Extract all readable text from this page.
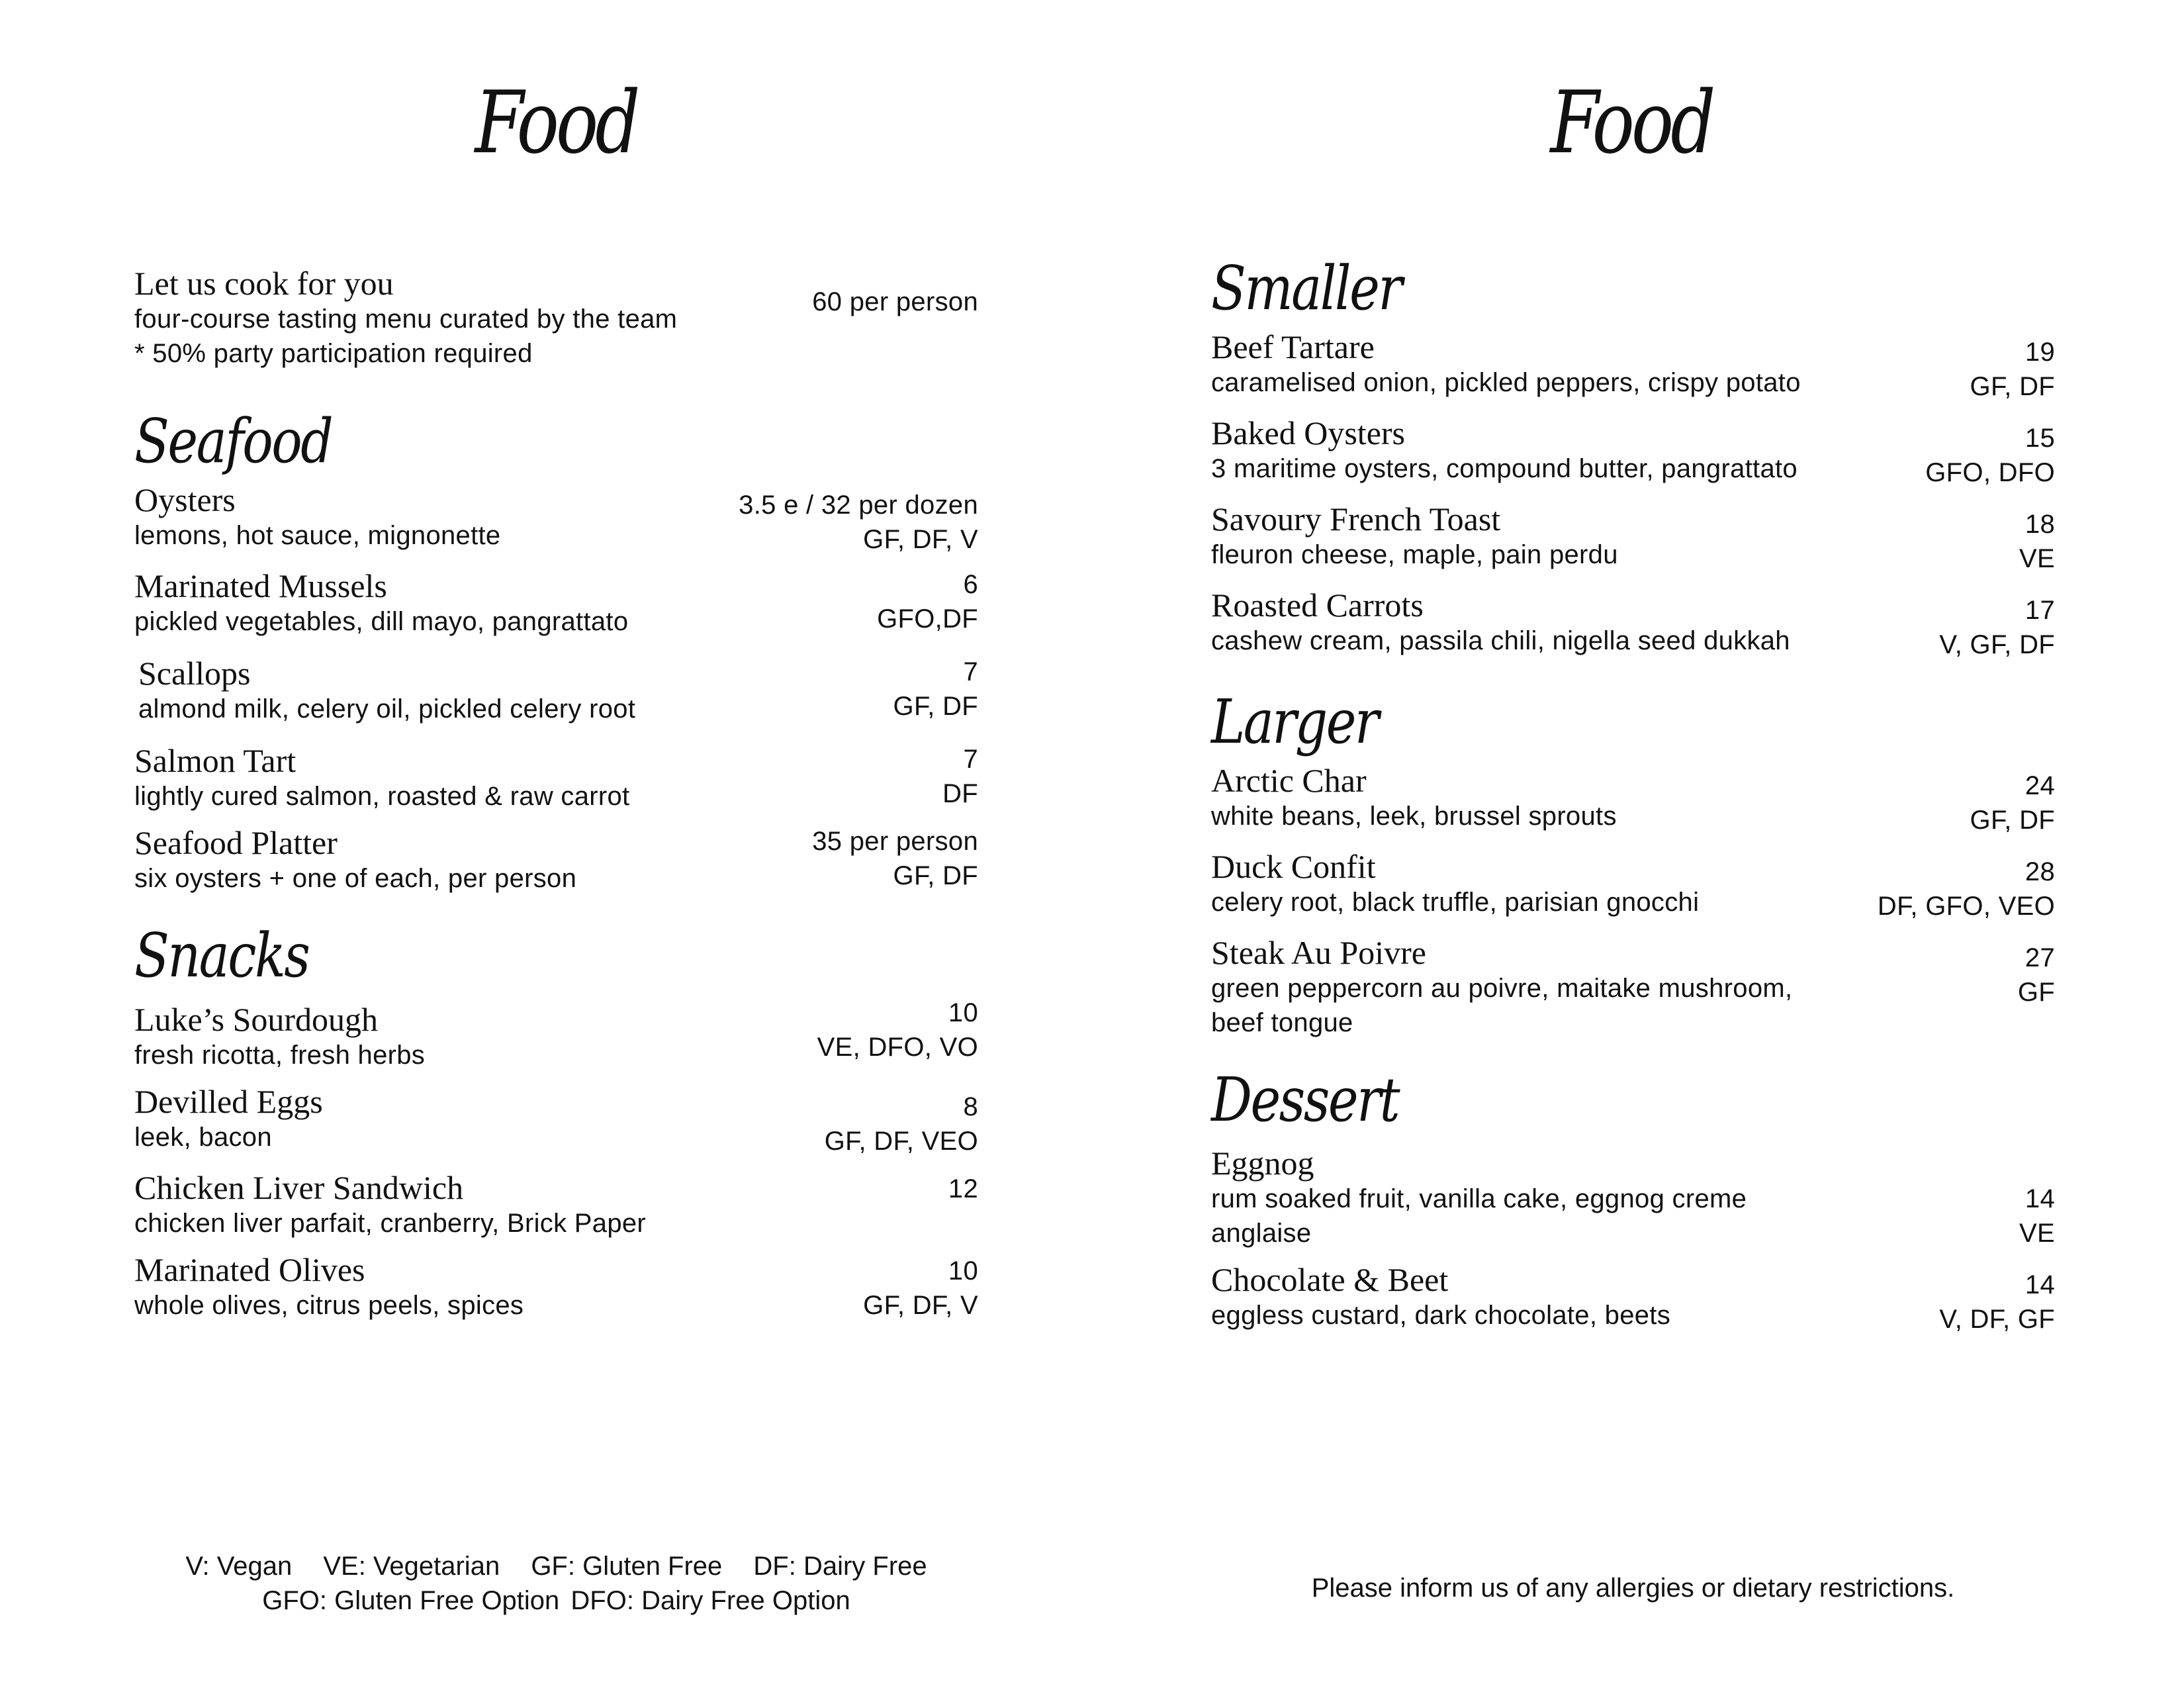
Food
Let us cook for you
four-course tasting menu curated by the team
* 50% party participation required
60 per person
Seafood
Oysters
lemons, hot sauce, mignonette
3.5 e / 32 per dozen
GF, DF, V
Marinated Mussels
pickled vegetables, dill mayo, pangrattato
6
GFO,DF
Scallops
almond milk, celery oil, pickled celery root
7
GF, DF
Salmon Tart
lightly cured salmon, roasted & raw carrot
7
DF
Seafood Platter
six oysters + one of each, per person
35 per person
GF, DF
Snacks
Luke’s Sourdough
fresh ricotta, fresh herbs
10
VE, DFO, VO
Devilled Eggs
leek, bacon
8
GF, DF, VEO
Chicken Liver Sandwich
chicken liver parfait, cranberry, Brick Paper
12
Marinated Olives
whole olives, citrus peels, spices
10
GF, DF, V
V: Vegan VE: Vegetarian GF: Gluten Free DF: Dairy Free
GFO: Gluten Free Option DFO: Dairy Free Option
Food
Smaller
Beef Tartare
caramelised onion, pickled peppers, crispy potato
19
GF, DF
Baked Oysters
3 maritime oysters, compound butter, pangrattato
15
GFO, DFO
Savoury French Toast
fleuron cheese, maple, pain perdu
18
VE
Roasted Carrots
cashew cream, passila chili, nigella seed dukkah
17
V, GF, DF
Larger
Arctic Char
white beans, leek, brussel sprouts
24
GF, DF
Duck Confit
celery root, black truffle, parisian gnocchi
28
DF, GFO, VEO
Steak Au Poivre
green peppercorn au poivre, maitake mushroom,
beef tongue
27
GF
Dessert
Eggnog
rum soaked fruit, vanilla cake, eggnog creme
anglaise
14
VE
Chocolate & Beet
eggless custard, dark chocolate, beets
14
V, DF, GF
Please inform us of any allergies or dietary restrictions.
